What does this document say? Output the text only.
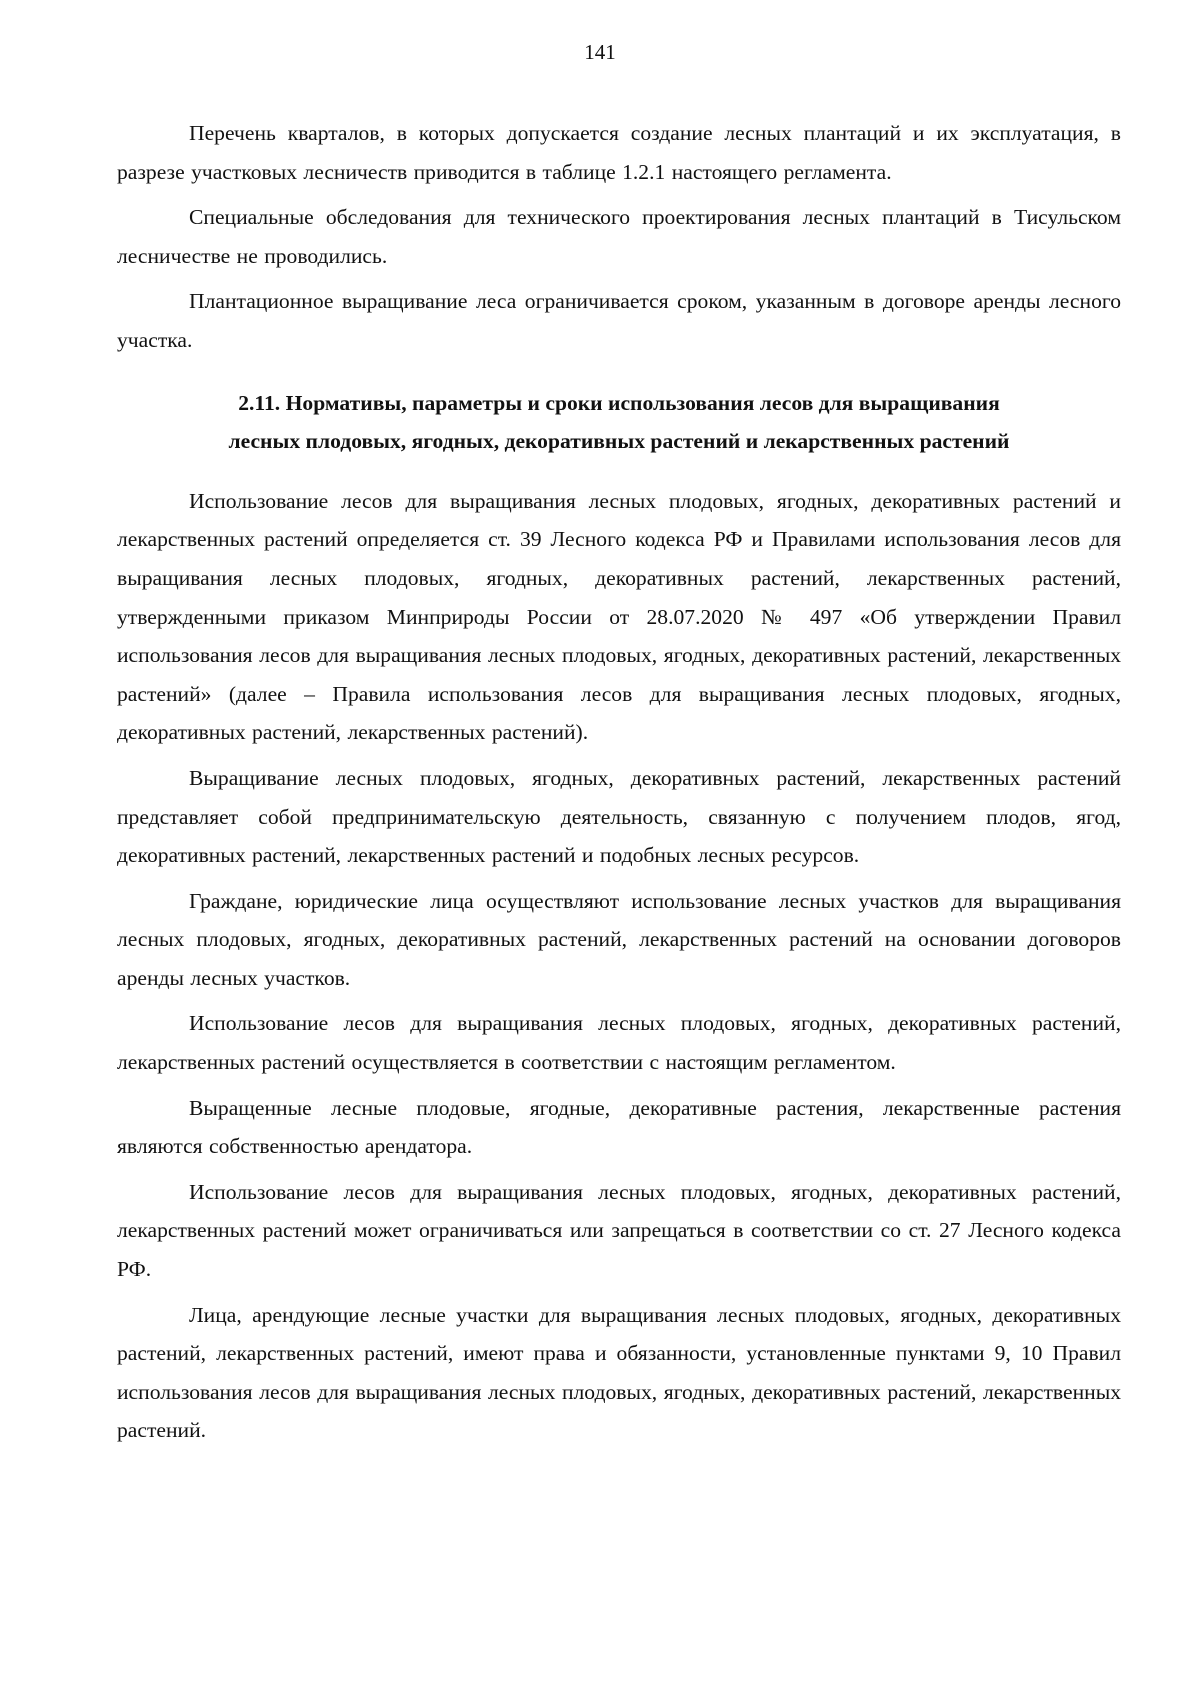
141

Перечень кварталов, в которых допускается создание лесных плантаций и их эксплуатация, в разрезе участковых лесничеств приводится в таблице 1.2.1 настоящего регламента.

Специальные обследования для технического проектирования лесных плантаций в Тисульском лесничестве не проводились.

Плантационное выращивание леса ограничивается сроком, указанным в договоре аренды лесного участка.

2.11. Нормативы, параметры и сроки использования лесов для выращивания
лесных плодовых, ягодных, декоративных растений и лекарственных растений

Использование лесов для выращивания лесных плодовых, ягодных, декоративных растений и лекарственных растений определяется ст. 39 Лесного кодекса РФ и Правилами использования лесов для выращивания лесных плодовых, ягодных, декоративных растений, лекарственных растений, утвержденными приказом Минприроды России от 28.07.2020 № 497 «Об утверждении Правил использования лесов для выращивания лесных плодовых, ягодных, декоративных растений, лекарственных растений» (далее – Правила использования лесов для выращивания лесных плодовых, ягодных, декоративных растений, лекарственных растений).

Выращивание лесных плодовых, ягодных, декоративных растений, лекарственных растений представляет собой предпринимательскую деятельность, связанную с получением плодов, ягод, декоративных растений, лекарственных растений и подобных лесных ресурсов.

Граждане, юридические лица осуществляют использование лесных участков для выращивания лесных плодовых, ягодных, декоративных растений, лекарственных растений на основании договоров аренды лесных участков.

Использование лесов для выращивания лесных плодовых, ягодных, декоративных растений, лекарственных растений осуществляется в соответствии с настоящим регламентом.

Выращенные лесные плодовые, ягодные, декоративные растения, лекарственные растения являются собственностью арендатора.

Использование лесов для выращивания лесных плодовых, ягодных, декоративных растений, лекарственных растений может ограничиваться или запрещаться в соответствии со ст. 27 Лесного кодекса РФ.

Лица, арендующие лесные участки для выращивания лесных плодовых, ягодных, декоративных растений, лекарственных растений, имеют права и обязанности, установленные пунктами 9, 10 Правил использования лесов для выращивания лесных плодовых, ягодных, декоративных растений, лекарственных растений.
